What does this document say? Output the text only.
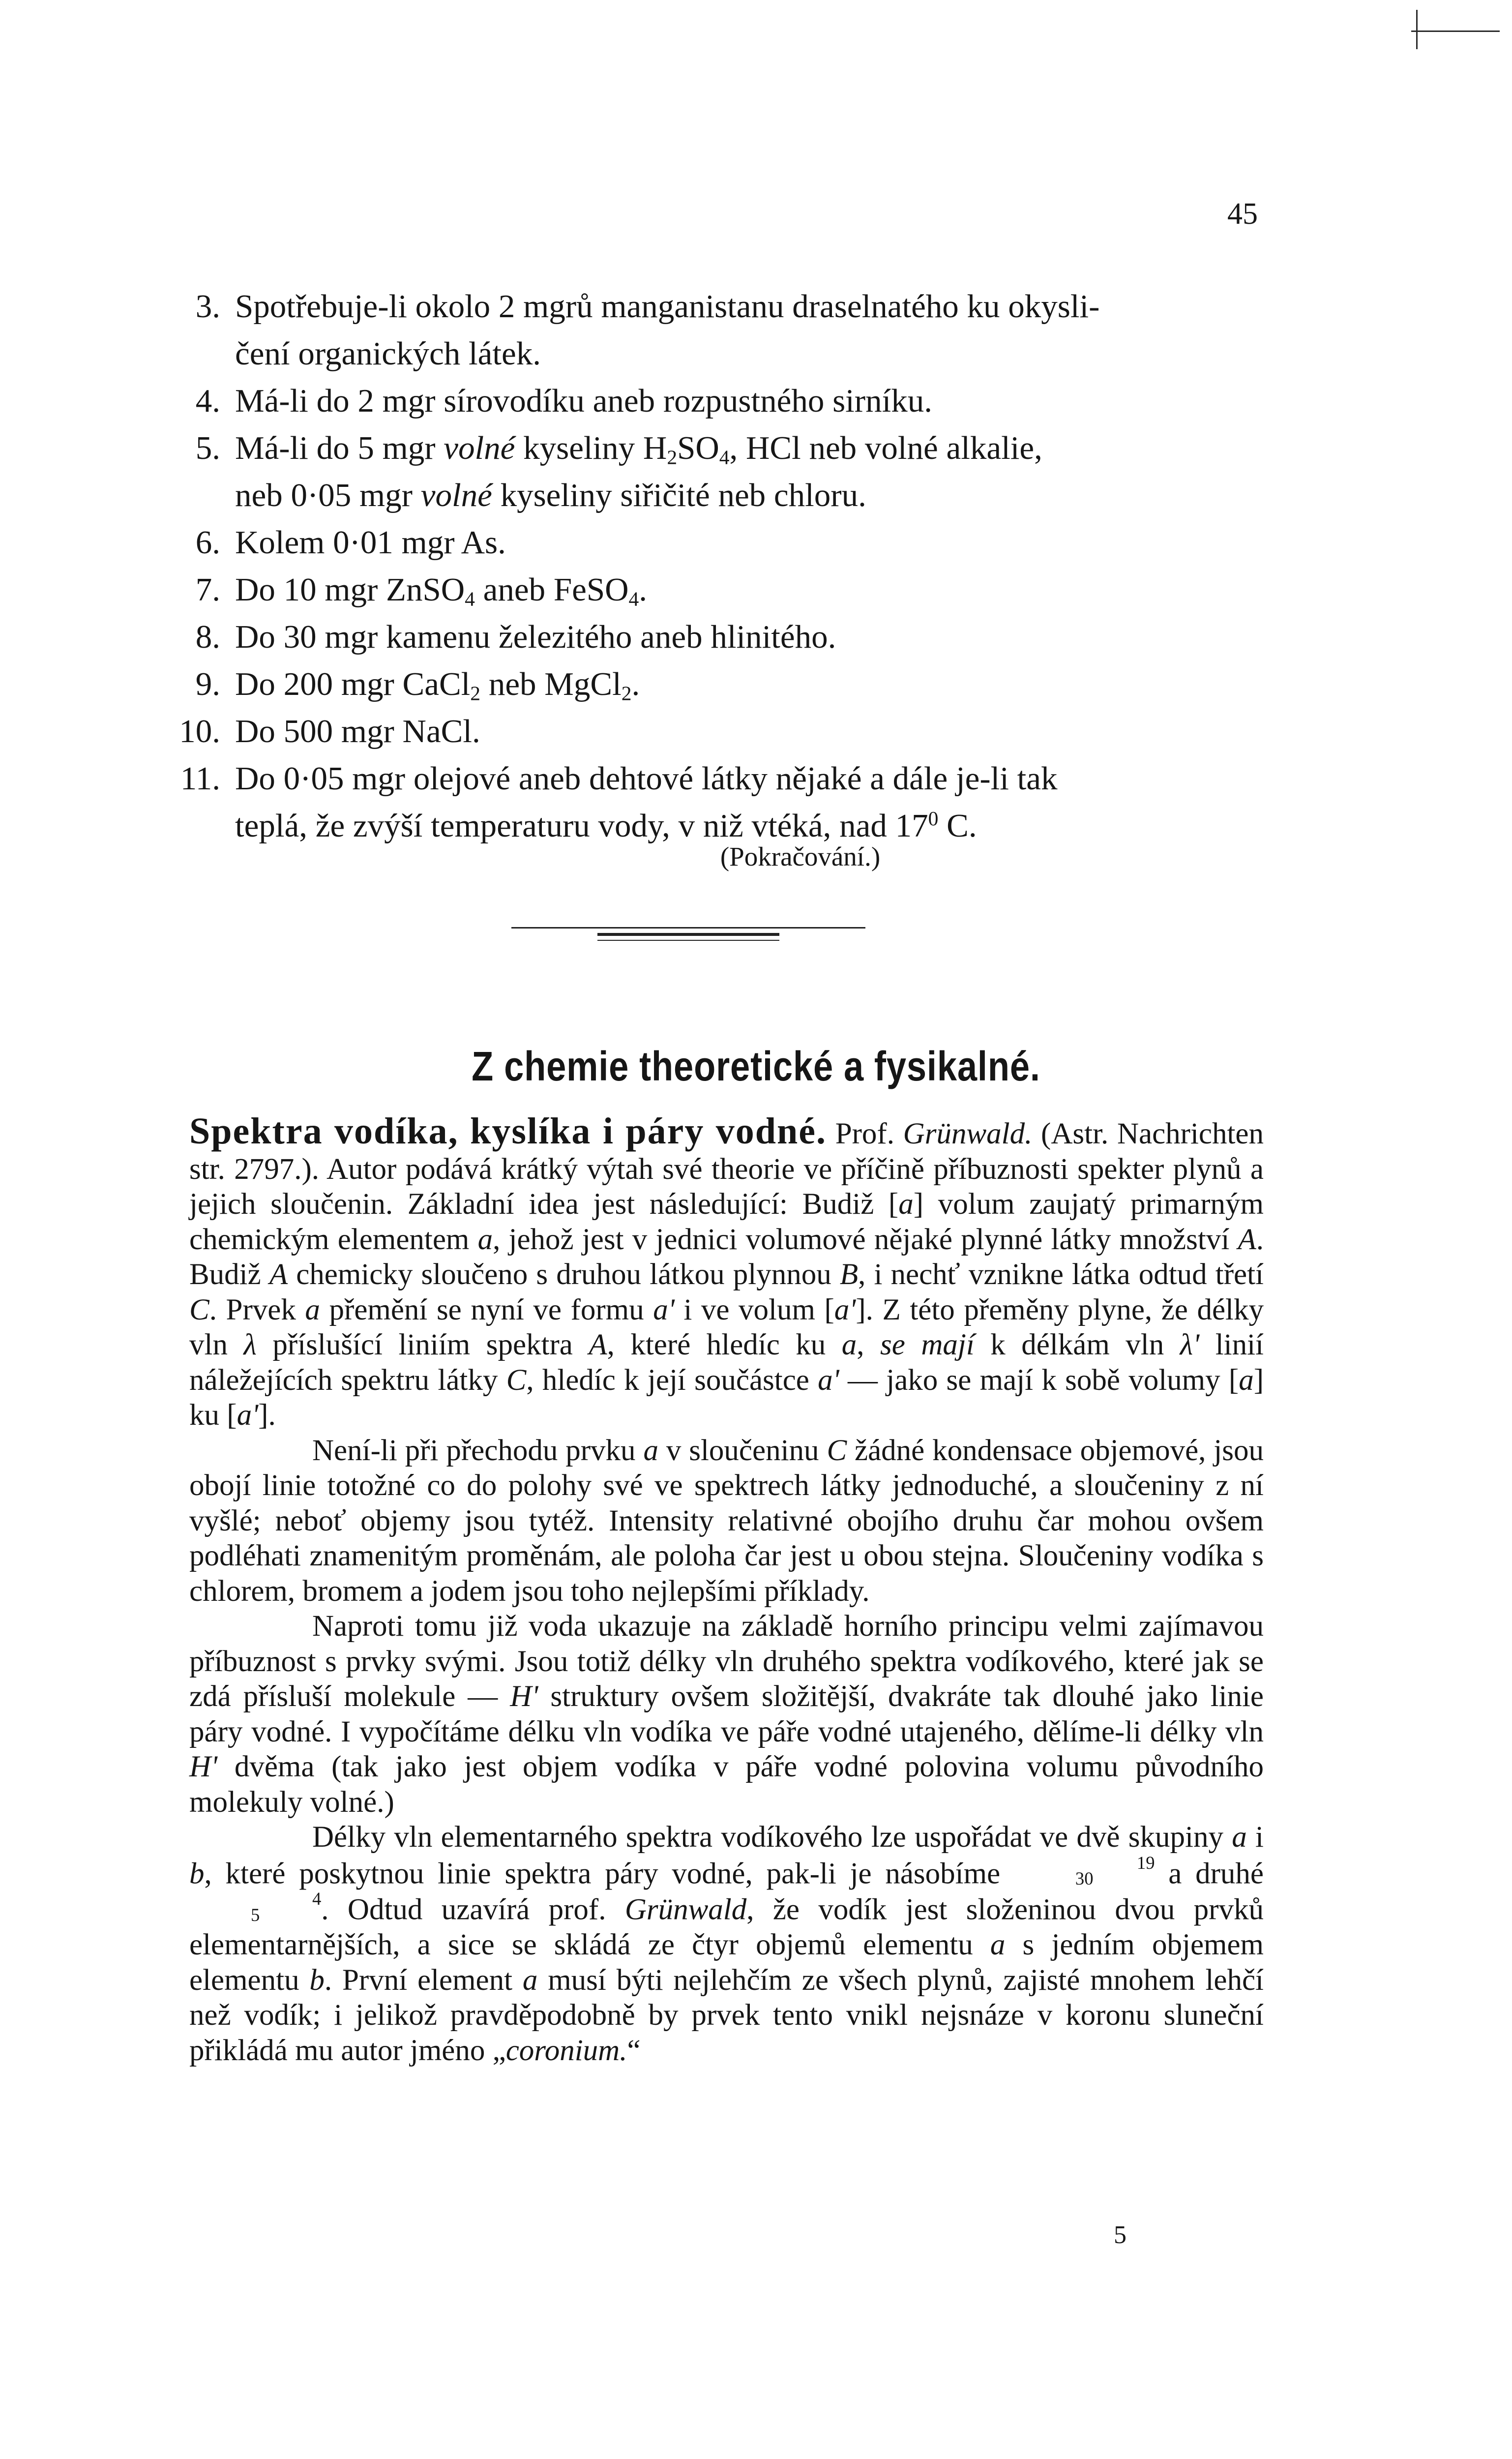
45
3. Spotřebuje-li okolo 2 mgrů manganistanu draselnatého ku okysli-
čení organických látek.
4. Má-li do 2 mgr sírovodíku aneb rozpustného sirníku.
5. Má-li do 5 mgr volné kyseliny $H_2SO_4$, HCl neb volné alkalie,
neb 0·05 mgr volné kyseliny siřičité neb chloru.
6. Kolem 0·01 mgr As.
7. Do 10 mgr ZnSO$_4$ aneb FeSO$_4$.
8. Do 30 mgr kamenu železitého aneb hlinitého.
9. Do 200 mgr CaCl$_2$ neb MgCl$_2$.
10. Do 500 mgr NaCl.
11. Do 0·05 mgr olejové aneb dehtové látky nějaké a dále je-li tak
teplá, že zvýší temperaturu vody, v niž vtéká, nad $17^0$ C.
(Pokračování.)
Z chemie theoretické a fysikalné.

Spektra vodíka, kyslíka i páry vodné. Prof. Grünwald. (Astr. Nachrichten str. 2797.). Autor podává krátký výtah své theorie ve příčině příbuznosti spekter plynů a jejich sloučenin. Základní idea jest následující: Budiž [a] volum zaujatý primarným chemickým elementem a, jehož jest v jednici volumové nějaké plynné látky množství A. Budiž A chemicky sloučeno s druhou látkou plynnou B, i nechť vznikne látka odtud třetí C. Prvek a přemění se nyní ve formu a' i ve volum [a']. Z této přeměny plyne, že délky vln λ příslušící liniím spektra A, které hledíc ku a, se mají k délkám vln λ' linií náležejících spektru látky C, hledíc k její součástce a' — jako se mají k sobě volumy [a] ku [a'].

Není-li při přechodu prvku a v sloučeninu C žádné kondensace objemové, jsou obojí linie totožné co do polohy své ve spektrech látky jednoduché, a sloučeniny z ní vyšlé; neboť objemy jsou tytéž. Intensity relativné obojího druhu čar mohou ovšem podléhati znamenitým proměnám, ale poloha čar jest u obou stejna. Sloučeniny vodíka s chlorem, bromem a jodem jsou toho nejlepšími příklady.

Naproti tomu již voda ukazuje na základě horního principu velmi zajímavou příbuznost s prvky svými. Jsou totiž délky vln druhého spektra vodíkového, které jak se zdá přísluší molekule — H' struktury ovšem složitější, dvakráte tak dlouhé jako linie páry vodné. I vypočítáme délku vln vodíka ve páře vodné utajeného, dělíme-li délky vln H' dvěma (tak jako jest objem vodíka v páře vodné polovina volumu původního molekuly volné.)

Délky vln elementarného spektra vodíkového lze uspořádat ve dvě skupiny a i b, které poskytnou linie spektra páry vodné, pak-li je násobíme	19
30 a druhé 4
5 . Odtud uzavírá prof. Grünwald, že vodík jest složeninou dvou prvků elementarnějších, a sice se skládá ze čtyr objemů elementu a s jedním objemem elementu b. První element a musí býti nejlehčím ze všech plynů, zajisté mnohem lehčí než vodík; i jelikož pravděpodobně by prvek tento vnikl nejsnáze v koronu sluneční přikládá mu autor jméno „coronium.“

5
